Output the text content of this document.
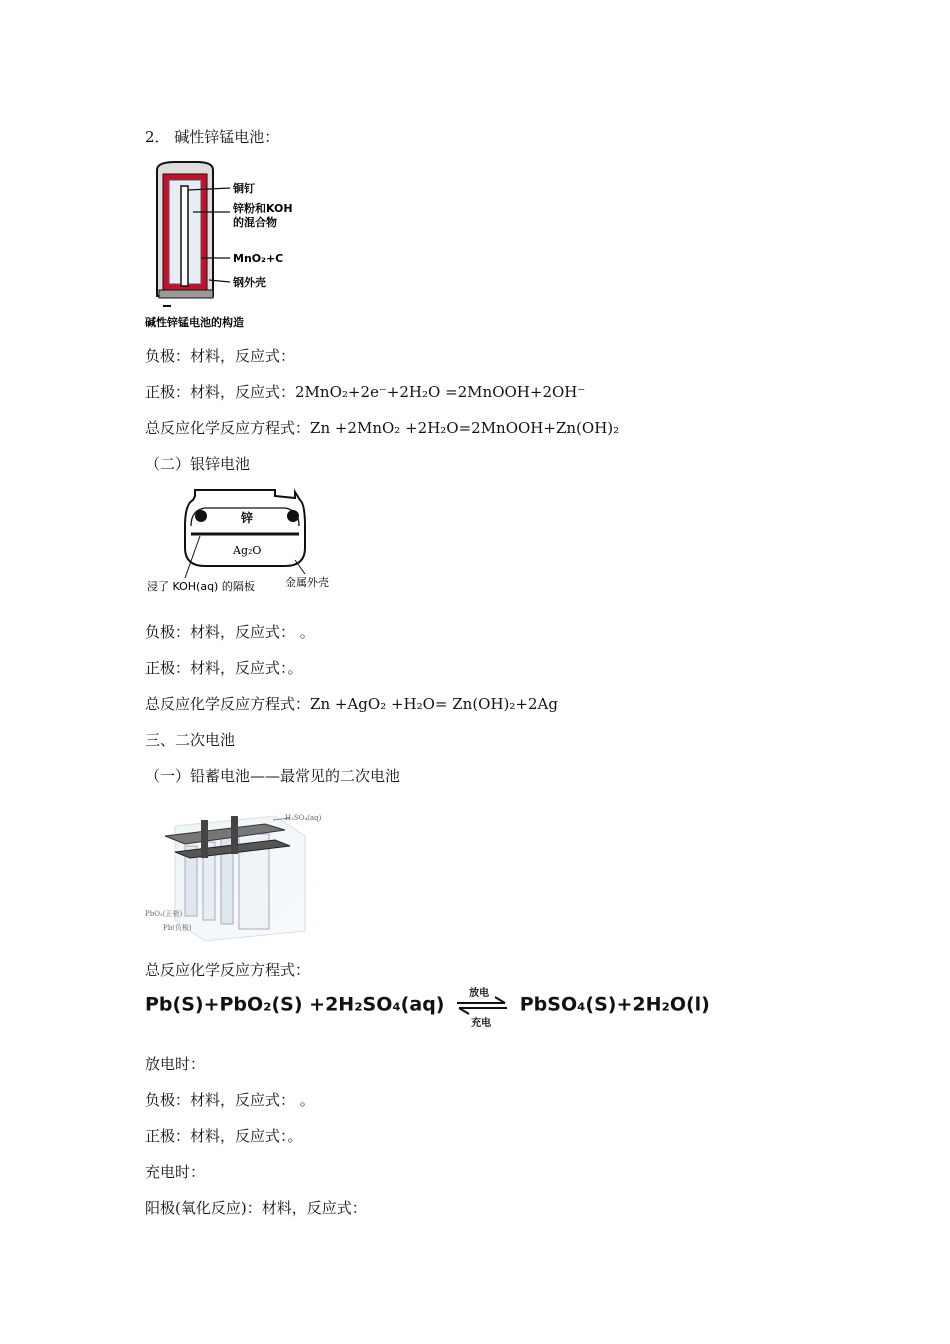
2． 碱性锌锰电池：
铜钉
锌粉和KOH
的混合物
MnO₂+C
钢外壳
碱性锌锰电池的构造
负极：材料，反应式：
正极：材料，反应式：2MnO₂+2e⁻+2H₂O =2MnOOH+2OH⁻
总反应化学反应方程式：Zn +2MnO₂ +2H₂O=2MnOOH+Zn(OH)₂
（二）银锌电池
锌
Ag₂O
浸了 KOH(aq) 的隔板	金属外壳
负极：材料，反应式： 。
正极：材料，反应式：。
总反应化学反应方程式：Zn +AgO₂ +H₂O= Zn(OH)₂+2Ag
三、二次电池
（一）铅蓄电池——最常见的二次电池
H₂SO₄(aq)
PbO₂(正极)
Pb(负极)
总反应化学反应方程式：
Pb(S)+PbO₂(S) +2H₂SO₄(aq) 放电
充电
PbSO₄(S)+2H₂O(l)
放电时：
负极：材料，反应式： 。
正极：材料，反应式：。
充电时：
阳极(氧化反应)：材料，反应式：
